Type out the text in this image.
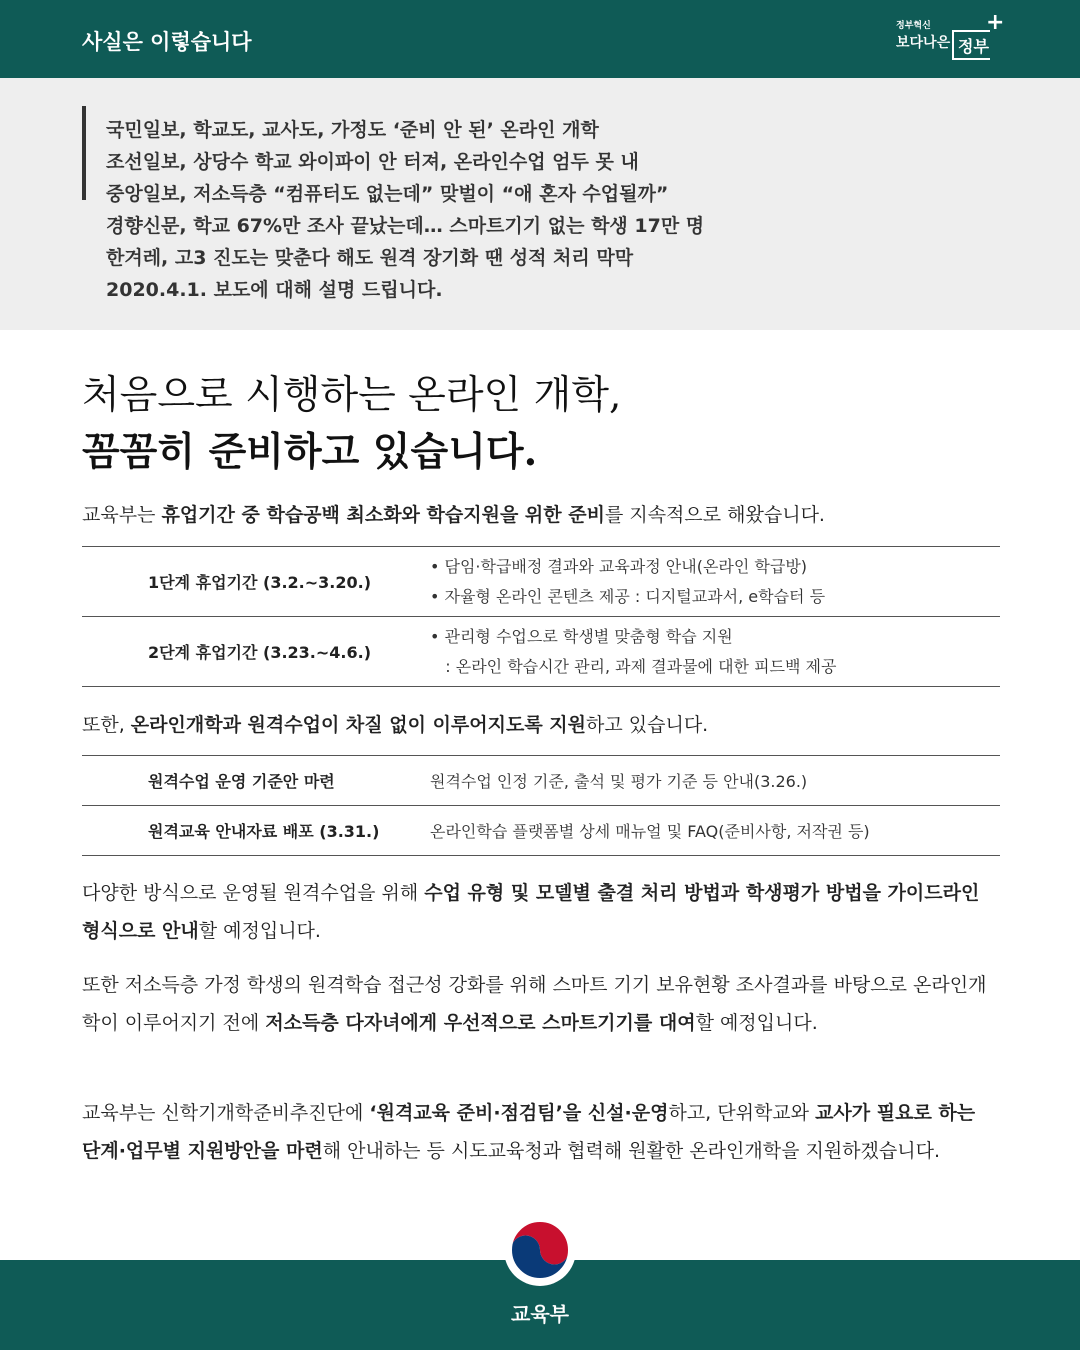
사실은 이렇습니다
정부혁신
보다나은 정부
+
국민일보, 학교도, 교사도, 가정도 ‘준비 안 된’ 온라인 개학
조선일보, 상당수 학교 와이파이 안 터져, 온라인수업 엄두 못 내
중앙일보, 저소득층 “컴퓨터도 없는데” 맞벌이 “애 혼자 수업될까”
경향신문, 학교 67%만 조사 끝났는데… 스마트기기 없는 학생 17만 명
한겨레, 고3 진도는 맞춘다 해도 원격 장기화 땐 성적 처리 막막
2020.4.1. 보도에 대해 설명 드립니다.
처음으로 시행하는 온라인 개학,
꼼꼼히 준비하고 있습니다.
교육부는 휴업기간 중 학습공백 최소화와 학습지원을 위한 준비를 지속적으로 해왔습니다.
1단계 휴업기간 (3.2.~3.20.)
• 담임·학급배정 결과와 교육과정 안내(온라인 학급방)
• 자율형 온라인 콘텐츠 제공 : 디지털교과서, e학습터 등
2단계 휴업기간 (3.23.~4.6.)
• 관리형 수업으로 학생별 맞춤형 학습 지원
: 온라인 학습시간 관리, 과제 결과물에 대한 피드백 제공
또한, 온라인개학과 원격수업이 차질 없이 이루어지도록 지원하고 있습니다.
원격수업 운영 기준안 마련	원격수업 인정 기준, 출석 및 평가 기준 등 안내(3.26.)
원격교육 안내자료 배포 (3.31.)	온라인학습 플랫폼별 상세 매뉴얼 및 FAQ(준비사항, 저작권 등)
다양한 방식으로 운영될 원격수업을 위해 수업 유형 및 모델별 출결 처리 방법과 학생평가 방법을 가이드라인 형식으로 안내할 예정입니다.
또한 저소득층 가정 학생의 원격학습 접근성 강화를 위해 스마트 기기 보유현황 조사결과를 바탕으로 온라인개학이 이루어지기 전에 저소득층 다자녀에게 우선적으로 스마트기기를 대여할 예정입니다.
교육부는 신학기개학준비추진단에 ‘원격교육 준비·점검팀’을 신설·운영하고, 단위학교와 교사가 필요로 하는 단계·업무별 지원방안을 마련해 안내하는 등 시도교육청과 협력해 원활한 온라인개학을 지원하겠습니다.
교육부
